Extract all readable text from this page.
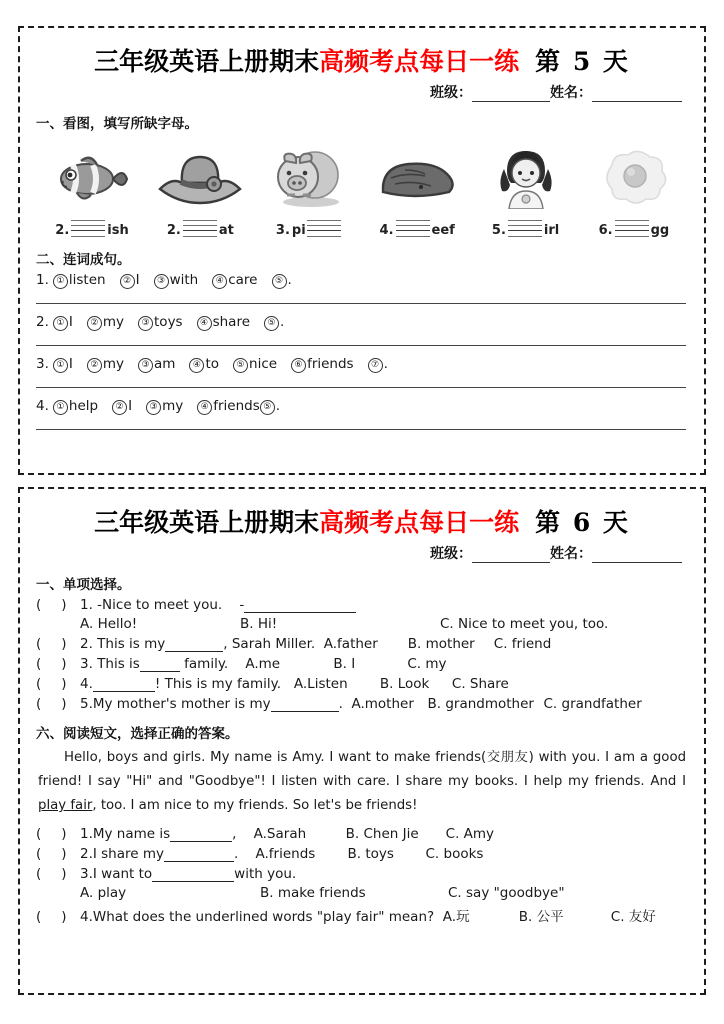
三年级英语上册期末高频考点每日一练 第 5 天
班级：	姓名：
一、看图，填写所缺字母。
2.	ish	2.	at	3. pi	4.	eef	5.	irl	6.	gg
二、连词成句。
1. ① listen ② I ③ with ④ care ⑤ .
2. ① I ② my ③ toys ④ share ⑤ .
3. ① I ② my ③ am ④ to ⑤ nice ⑥ friends ⑦ .
4. ① help ② I ③ my ④ friends ⑤ .
三年级英语上册期末高频考点每日一练 第 6 天
班级：	姓名：
一、单项选择。
( ) 1. -Nice to meet you. -
A. Hello!	B. Hi!	C. Nice to meet you, too.
( ) 2. This is my	, Sarah Miller. A.father B. mother C. friend
( ) 3. This is	family. A.me	B. I	C. my
( ) 4.	! This is my family. A.Listen B. Look C. Share
( ) 5.My mother's mother is my	. A.mother B. grandmother C. grandfather
六、阅读短文，选择正确的答案。
Hello, boys and girls. My name is Amy. I want to make friends(交朋友) with you. I am a good friend! I say "Hi" and "Goodbye"! I listen with care. I share my books. I help my friends. And I play fair, too. I am nice to my friends. So let's be friends!
( ) 1.My name is	, A.Sarah	B. Chen Jie C. Amy
( ) 2.I share my	. A.friends B. toys C. books
( ) 3.I want to	with you.
A. play	B. make friends	C. say "goodbye"
( ) 4.What does the underlined words "play fair" mean? A.玩	B. 公平	C. 友好
